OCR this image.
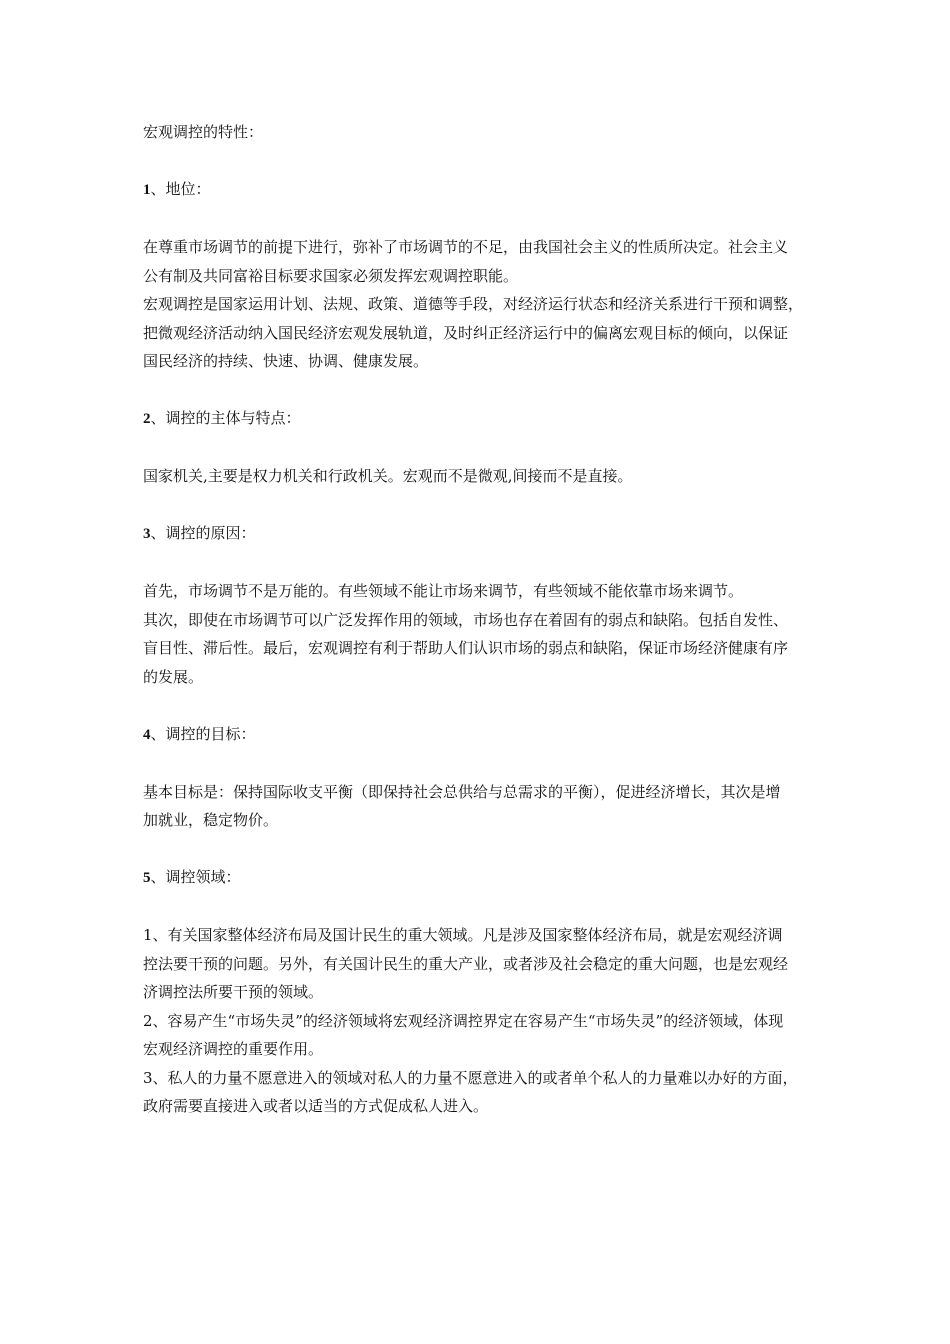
宏观调控的特性：

1、地位：

在尊重市场调节的前提下进行，弥补了市场调节的不足，由我国社会主义的性质所决定。社会主义
公有制及共同富裕目标要求国家必须发挥宏观调控职能。

宏观调控是国家运用计划、法规、政策、道德等手段，对经济运行状态和经济关系进行干预和调整，
把微观经济活动纳入国民经济宏观发展轨道，及时纠正经济运行中的偏离宏观目标的倾向，以保证
国民经济的持续、快速、协调、健康发展。

2、调控的主体与特点：

国家机关,主要是权力机关和行政机关。宏观而不是微观,间接而不是直接。

3、调控的原因：

首先，市场调节不是万能的。有些领域不能让市场来调节，有些领域不能依靠市场来调节。

其次，即使在市场调节可以广泛发挥作用的领域，市场也存在着固有的弱点和缺陷。包括自发性、
盲目性、滞后性。最后，宏观调控有利于帮助人们认识市场的弱点和缺陷，保证市场经济健康有序
的发展。

4、调控的目标：

基本目标是：保持国际收支平衡（即保持社会总供给与总需求的平衡），促进经济增长，其次是增
加就业，稳定物价。

5、调控领域：

1、有关国家整体经济布局及国计民生的重大领域。凡是涉及国家整体经济布局，就是宏观经济调
控法要干预的问题。另外，有关国计民生的重大产业，或者涉及社会稳定的重大问题，也是宏观经
济调控法所要干预的领域。

2、容易产生“市场失灵”的经济领域将宏观经济调控界定在容易产生“市场失灵”的经济领域，体现
宏观经济调控的重要作用。

3、私人的力量不愿意进入的领域对私人的力量不愿意进入的或者单个私人的力量难以办好的方面，
政府需要直接进入或者以适当的方式促成私人进入。
